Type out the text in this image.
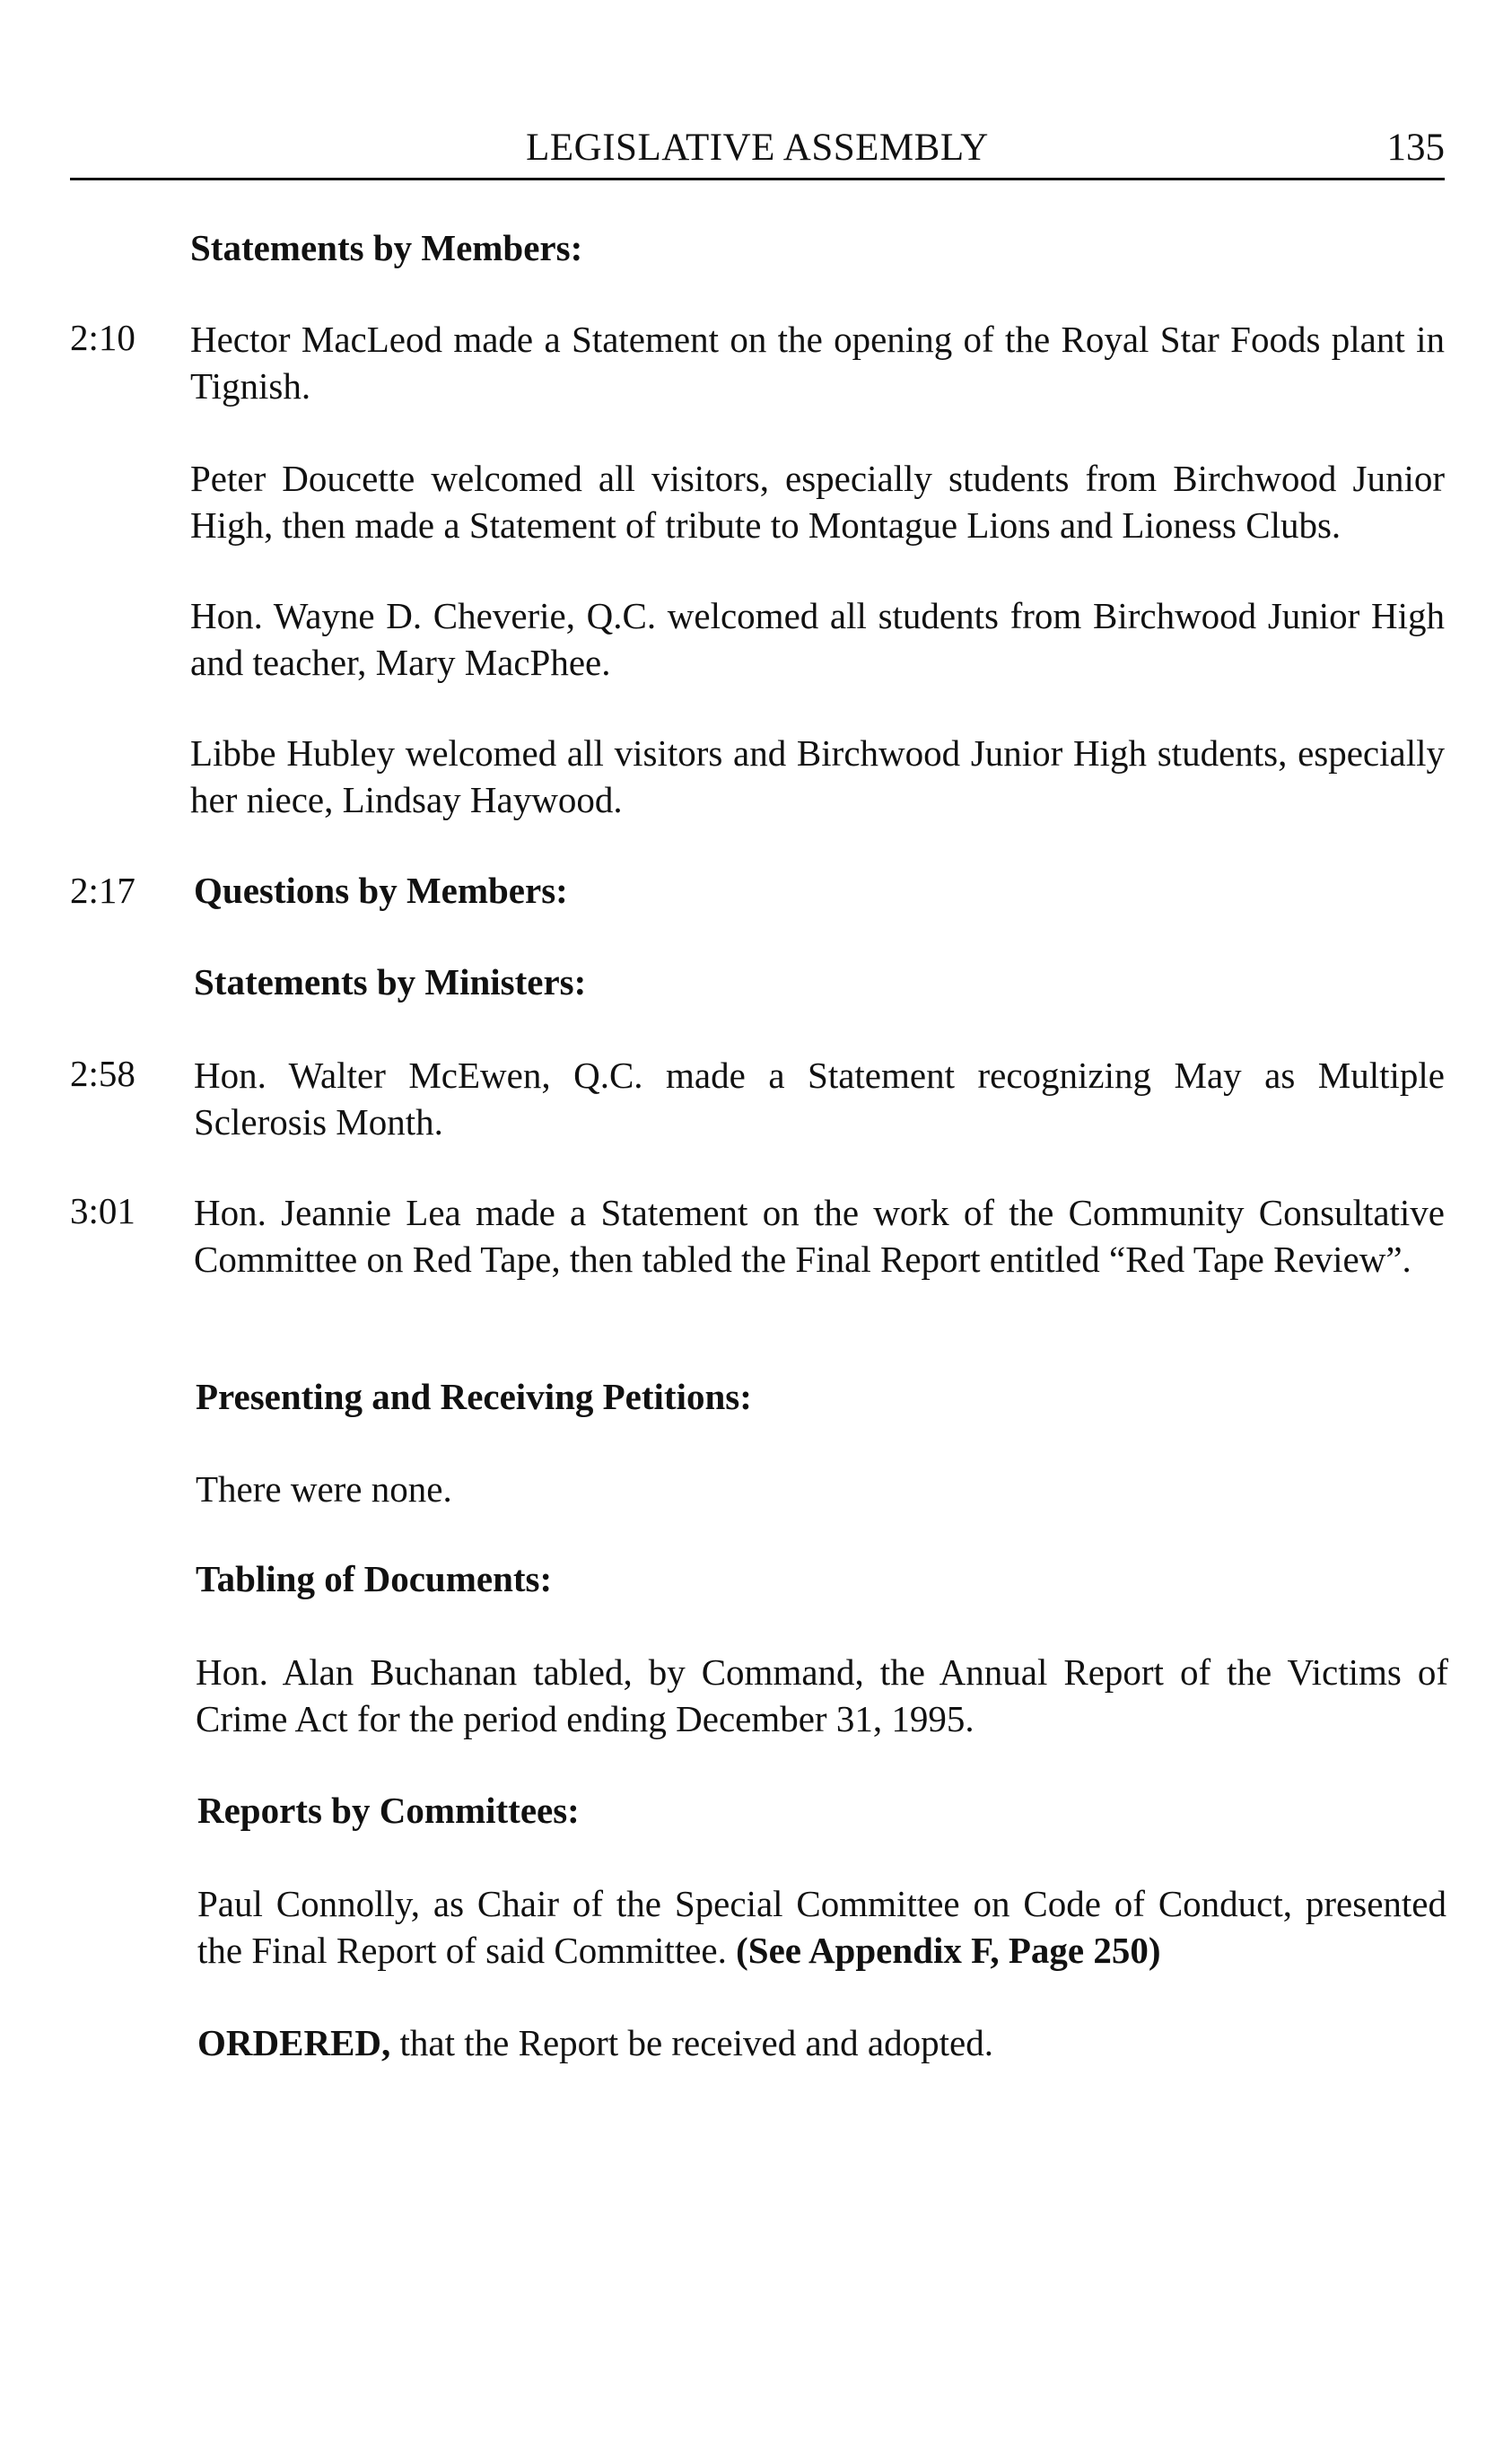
LEGISLATIVE ASSEMBLY	135
Statements by Members:
2:10	Hector MacLeod made a Statement on the opening of the Royal Star Foods plant in Tignish.
Peter Doucette welcomed all visitors, especially students from Birchwood Junior High, then made a Statement of tribute to Montague Lions and Lioness Clubs.
Hon. Wayne D. Cheverie, Q.C. welcomed all students from Birchwood Junior High and teacher, Mary MacPhee.
Libbe Hubley welcomed all visitors and Birchwood Junior High students, especially her niece, Lindsay Haywood.
2:17	Questions by Members:
Statements by Ministers:
2:58	Hon. Walter McEwen, Q.C. made a Statement recognizing May as Multiple Sclerosis Month.
3:01	Hon. Jeannie Lea made a Statement on the work of the Community Consultative Committee on Red Tape, then tabled the Final Report entitled “Red Tape Review”.
Presenting and Receiving Petitions:
There were none.
Tabling of Documents:
Hon. Alan Buchanan tabled, by Command, the Annual Report of the Victims of Crime Act for the period ending December 31, 1995.
Reports by Committees:
Paul Connolly, as Chair of the Special Committee on Code of Conduct, presented the Final Report of said Committee. (See Appendix F, Page 250)
ORDERED, that the Report be received and adopted.
